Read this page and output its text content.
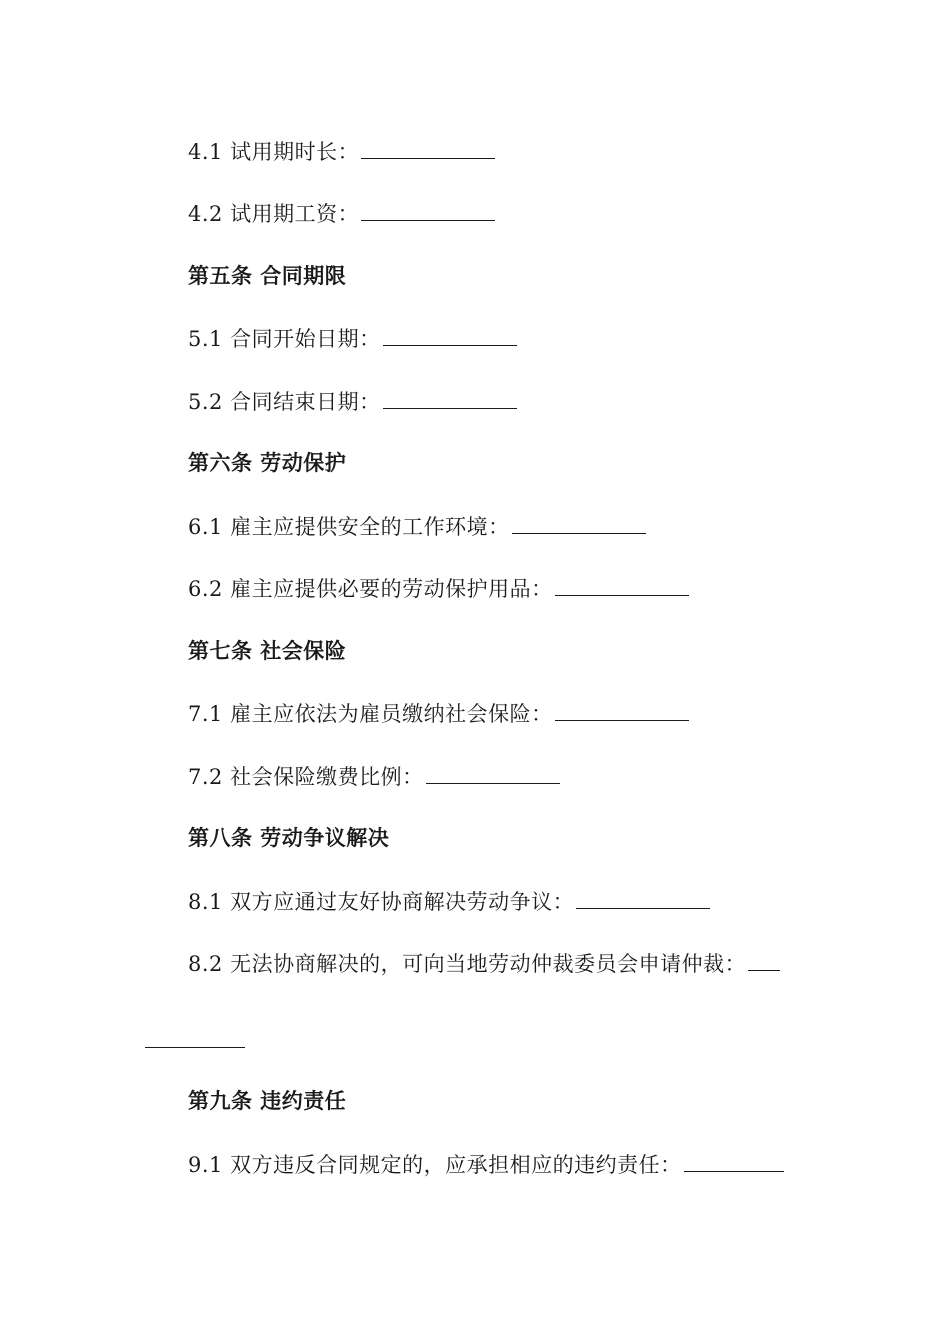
4.1 试用期时长：
4.2 试用期工资：
第五条 合同期限
5.1 合同开始日期：
5.2 合同结束日期：
第六条 劳动保护
6.1 雇主应提供安全的工作环境：
6.2 雇主应提供必要的劳动保护用品：
第七条 社会保险
7.1 雇主应依法为雇员缴纳社会保险：
7.2 社会保险缴费比例：
第八条 劳动争议解决
8.1 双方应通过友好协商解决劳动争议：
8.2 无法协商解决的，可向当地劳动仲裁委员会申请仲裁：
第九条 违约责任
9.1 双方违反合同规定的，应承担相应的违约责任：
